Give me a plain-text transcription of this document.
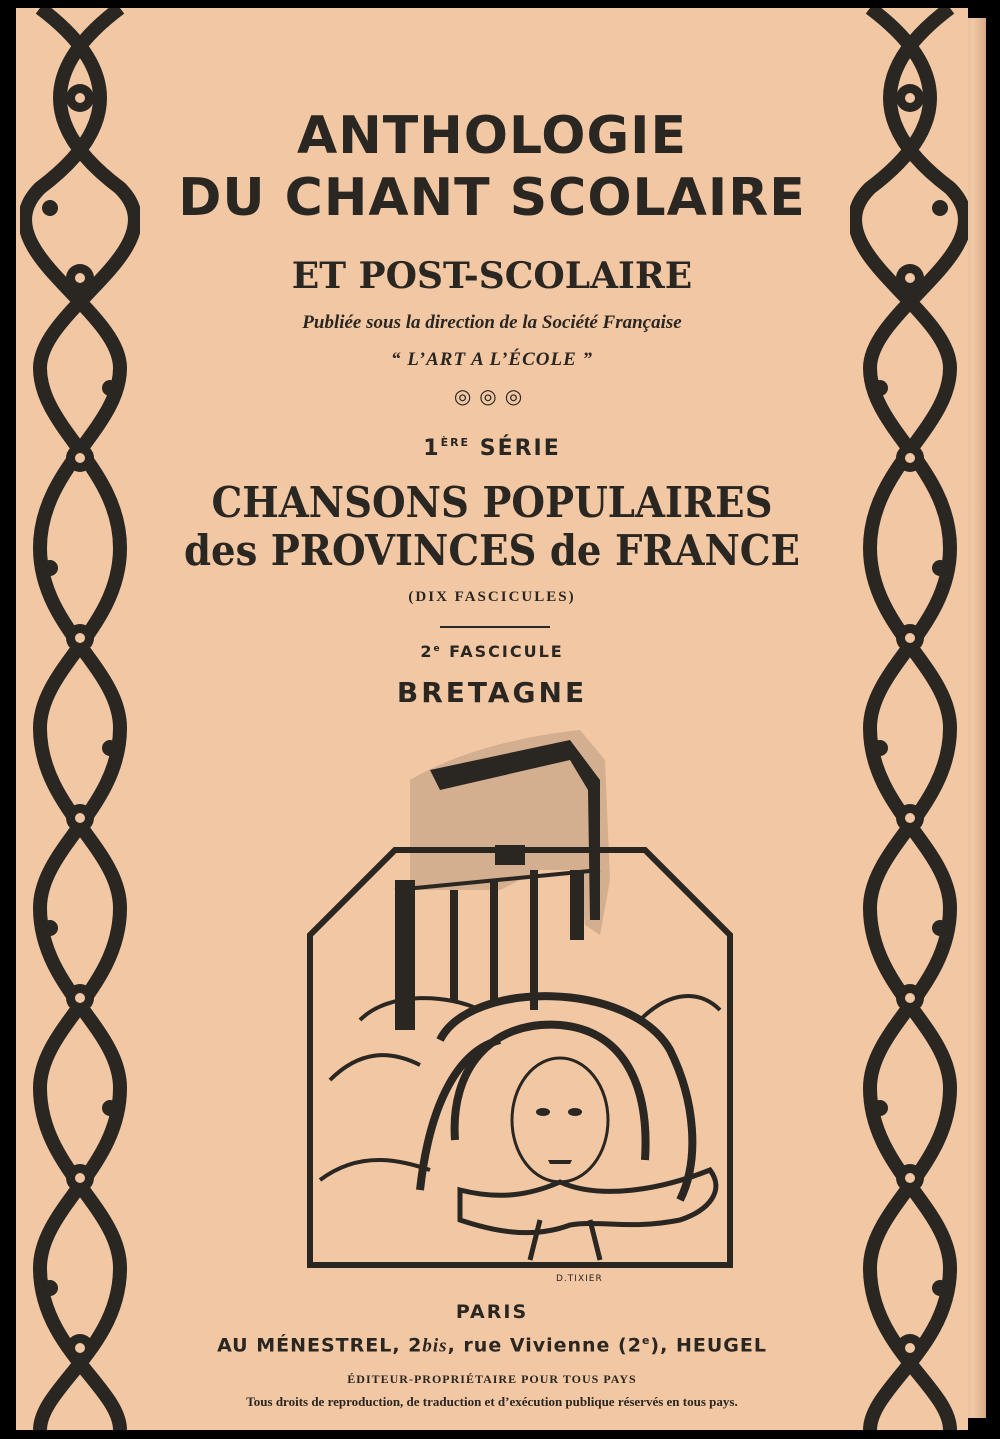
ANTHOLOGIE
DU CHANT SCOLAIRE
ET POST-SCOLAIRE
Publiée sous la direction de la Société Française
“ L’ART A L’ÉCOLE ”
◎◎◎
1ÈRE SÉRIE
CHANSONS POPULAIRES
des PROVINCES de FRANCE
(DIX FASCICULES)
2e FASCICULE
BRETAGNE
D.TIXIER
PARIS
AU MÉNESTREL, 2bis, rue Vivienne (2e), HEUGEL
ÉDITEUR-PROPRIÉTAIRE POUR TOUS PAYS
Tous droits de reproduction, de traduction et d’exécution publique réservés en tous pays.
